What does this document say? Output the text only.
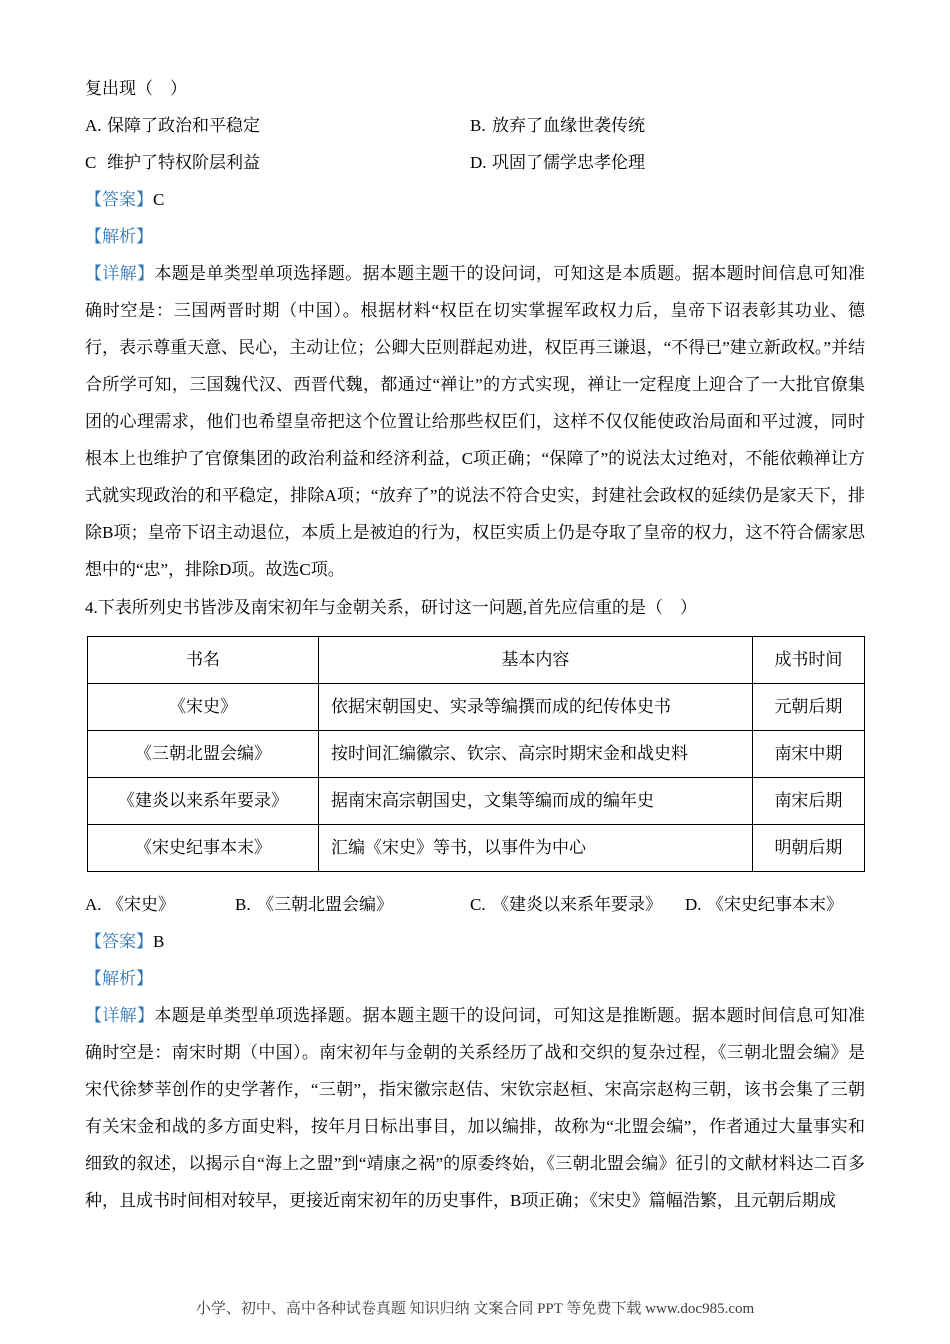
复出现（　）

A. 保障了政治和平稳定	B. 放弃了血缘世袭传统
C 维护了特权阶层利益	D. 巩固了儒学忠孝伦理

【答案】C

【解析】

【详解】本题是单类型单项选择题。据本题主题干的设问词，可知这是本质题。据本题时间信息可知准确时空是：三国两晋时期（中国）。根据材料“权臣在切实掌握军政权力后，皇帝下诏表彰其功业、德行，表示尊重天意、民心，主动让位；公卿大臣则群起劝进，权臣再三谦退，“不得已”建立新政权。”并结合所学可知，三国魏代汉、西晋代魏，都通过“禅让”的方式实现，禅让一定程度上迎合了一大批官僚集团的心理需求，他们也希望皇帝把这个位置让给那些权臣们，这样不仅仅能使政治局面和平过渡，同时根本上也维护了官僚集团的政治利益和经济利益，C项正确；“保障了”的说法太过绝对，不能依赖禅让方式就实现政治的和平稳定，排除A项；“放弃了”的说法不符合史实，封建社会政权的延续仍是家天下，排除B项；皇帝下诏主动退位，本质上是被迫的行为，权臣实质上仍是夺取了皇帝的权力，这不符合儒家思想中的“忠”，排除D项。故选C项。

4.下表所列史书皆涉及南宋初年与金朝关系，研讨这一问题,首先应信重的是（　）

书名	基本内容	成书时间
《宋史》	依据宋朝国史、实录等编撰而成的纪传体史书	元朝后期
《三朝北盟会编》	按时间汇编徽宗、钦宗、高宗时期宋金和战史料	南宋中期
《建炎以来系年要录》	据南宋高宗朝国史，文集等编而成的编年史	南宋后期
《宋史纪事本末》	汇编《宋史》等书，以事件为中心	明朝后期
A. 《宋史》	B. 《三朝北盟会编》	C. 《建炎以来系年要录》	D. 《宋史纪事本末》

【答案】B

【解析】

【详解】本题是单类型单项选择题。据本题主题干的设问词，可知这是推断题。据本题时间信息可知准确时空是：南宋时期（中国）。南宋初年与金朝的关系经历了战和交织的复杂过程，《三朝北盟会编》是宋代徐梦莘创作的史学著作，“三朝”，指宋徽宗赵佶、宋钦宗赵桓、宋高宗赵构三朝，该书会集了三朝有关宋金和战的多方面史料，按年月日标出事目，加以编排，故称为“北盟会编”，作者通过大量事实和细致的叙述，以揭示自“海上之盟”到“靖康之祸”的原委终始，《三朝北盟会编》征引的文献材料达二百多种，且成书时间相对较早，更接近南宋初年的历史事件，B项正确；《宋史》篇幅浩繁，且元朝后期成

小学、初中、高中各种试卷真题 知识归纳 文案合同 PPT 等免费下载 www.doc985.com
